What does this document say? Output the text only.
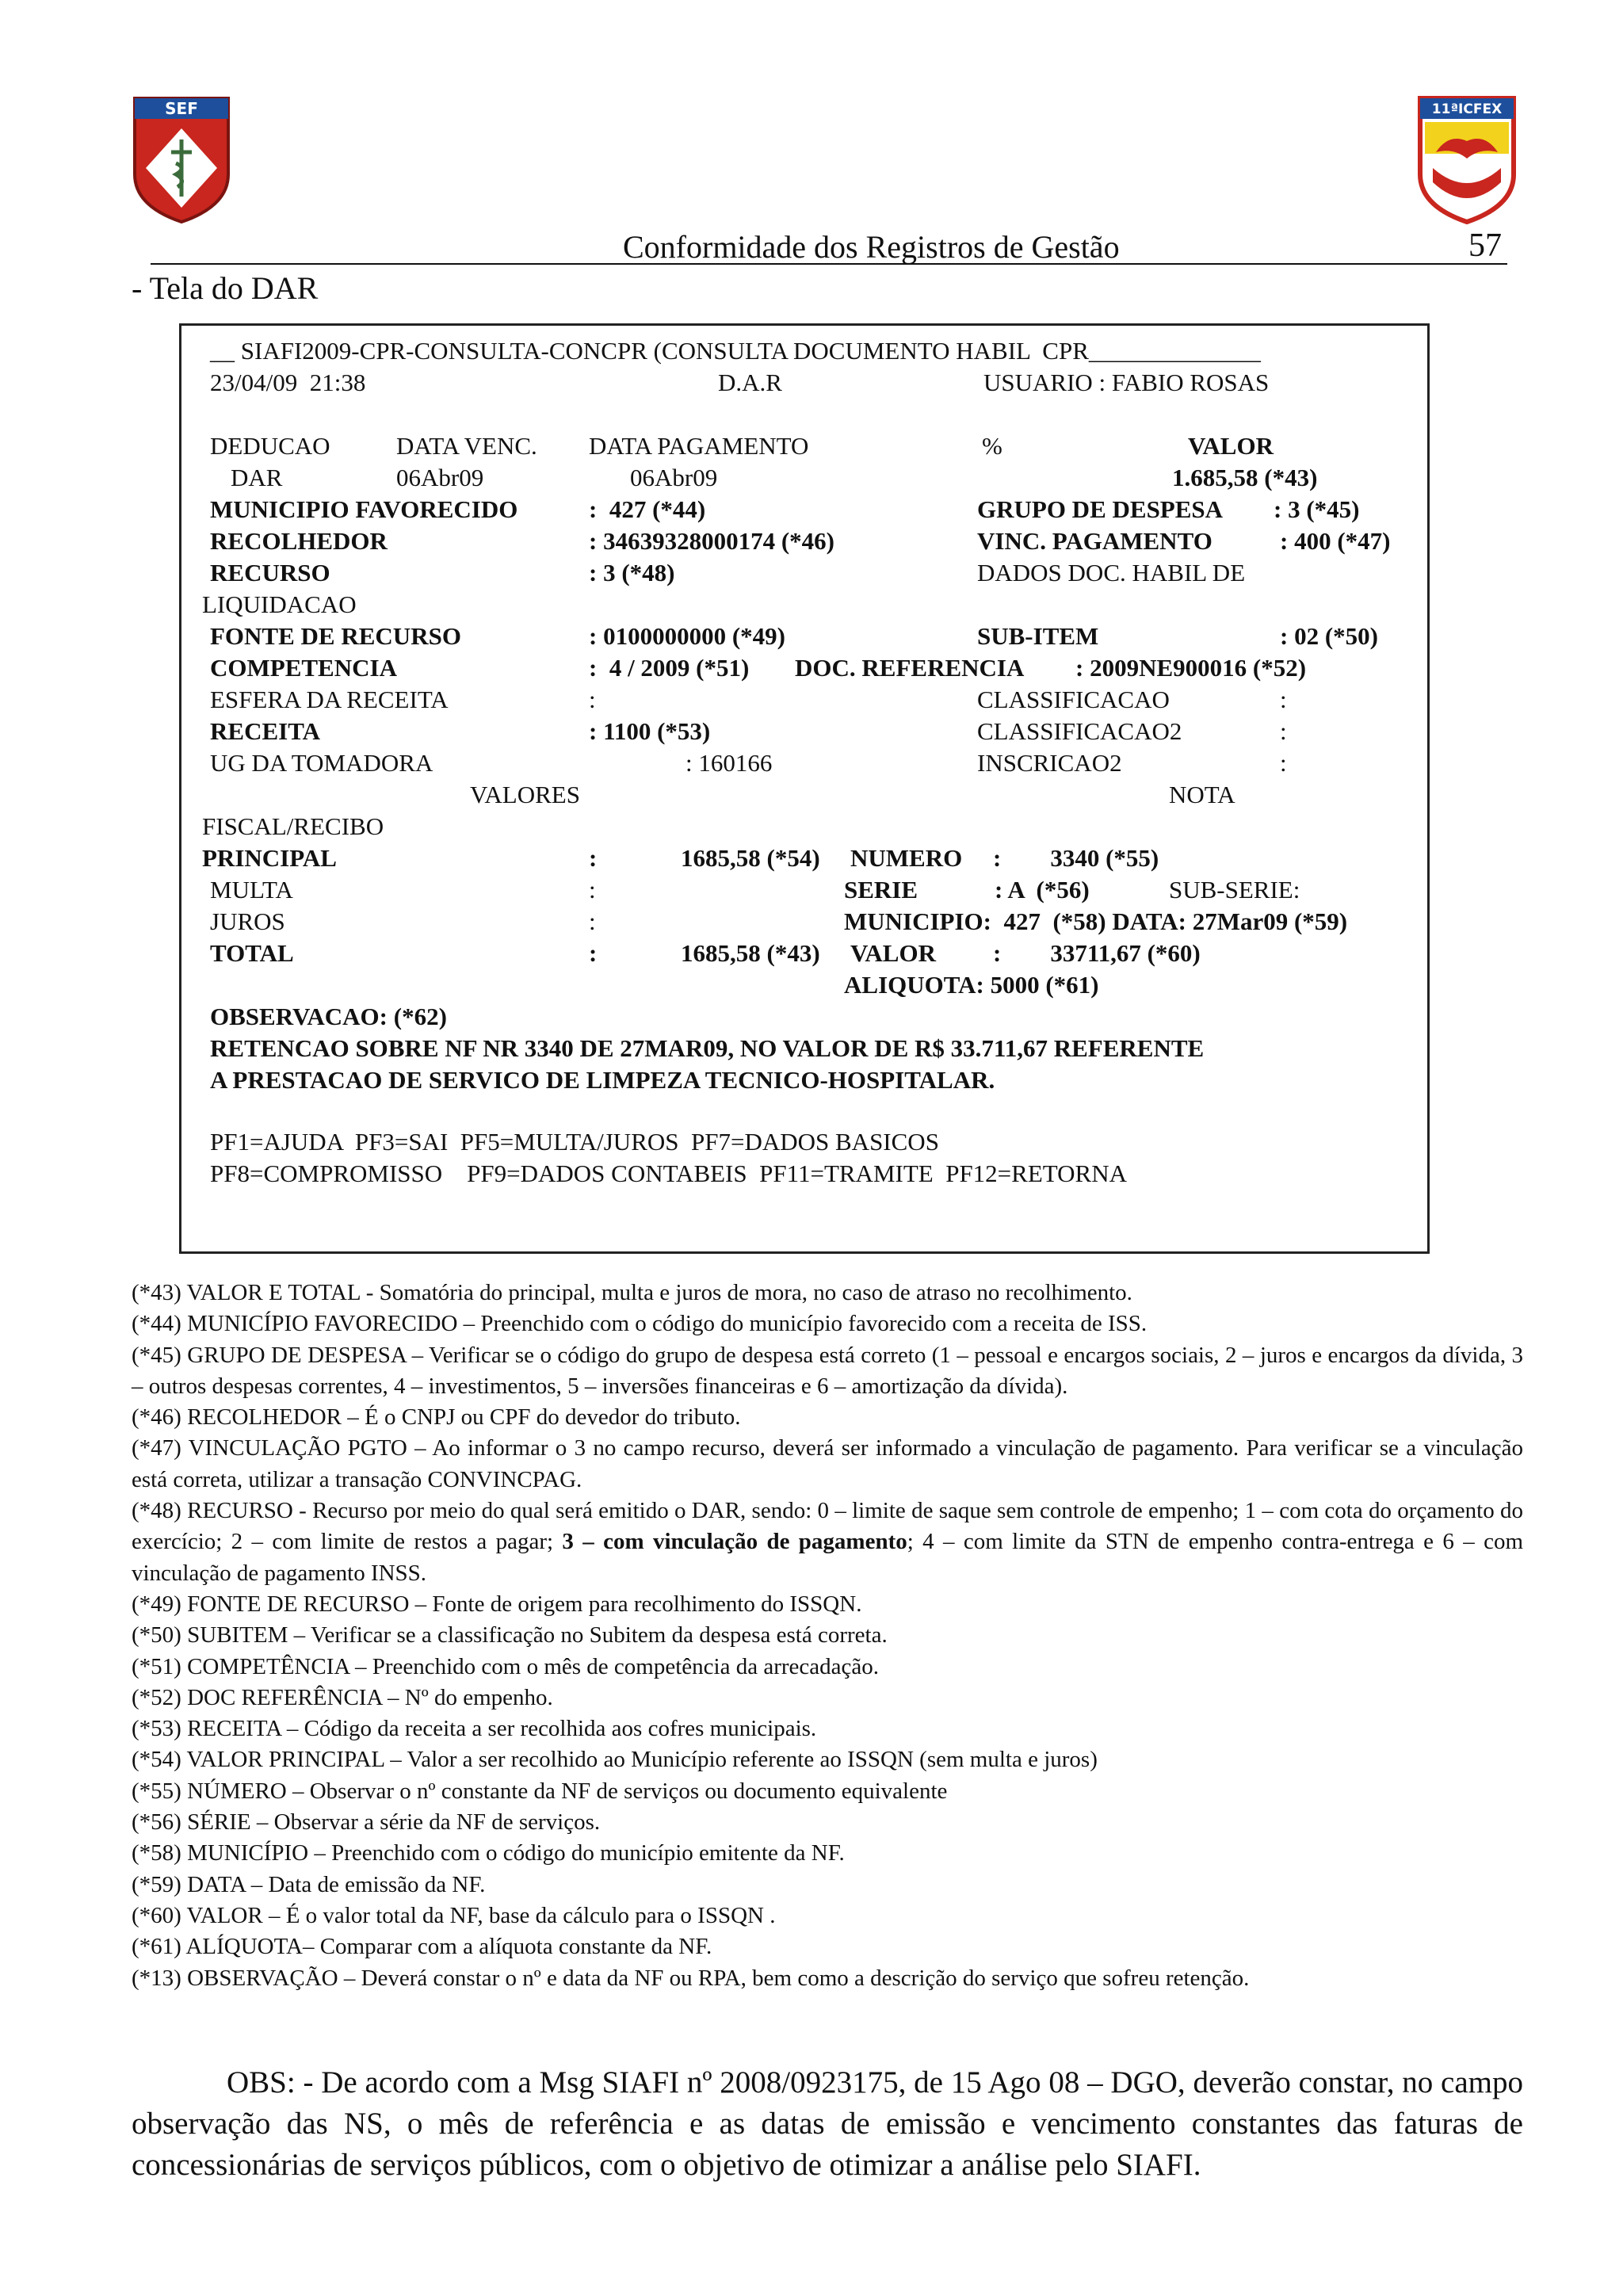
SEF	11ªICFEX
Conformidade dos Registros de Gestão	57
- Tela do DAR
__ SIAFI2009-CPR-CONSULTA-CONCPR (CONSULTA DOCUMENTO HABIL  CPR______________
23/04/09  21:38	D.A.R	USUARIO : FABIO ROSAS
DEDUCAO	DATA VENC. DATA PAGAMENTO	%	VALOR
DAR	06Abr09	06Abr09	1.685,58 (*43)
MUNICIPIO FAVORECIDO	:  427 (*44)	GRUPO DE DESPESA : 3 (*45)
RECOLHEDOR	: 34639328000174 (*46)	VINC. PAGAMENTO	: 400 (*47)
RECURSO	: 3 (*48)	DADOS DOC. HABIL DE
LIQUIDACAO
FONTE DE RECURSO	: 0100000000 (*49)	SUB-ITEM	: 02 (*50)
COMPETENCIA	:  4 / 2009 (*51) DOC. REFERENCIA : 2009NE900016 (*52)
ESFERA DA RECEITA	:	CLASSIFICACAO	:
RECEITA	: 1100 (*53)	CLASSIFICACAO2	:
UG DA TOMADORA	: 160166	INSCRICAO2	:
VALORES	NOTA
FISCAL/RECIBO
PRINCIPAL	:	1685,58 (*54) NUMERO :        3340 (*55)
MULTA	:	SERIE	: A  (*56)	SUB-SERIE:
JUROS	:	MUNICIPIO:  427  (*58) DATA: 27Mar09 (*59)
TOTAL	:	1685,58 (*43) VALOR :        33711,67 (*60)
ALIQUOTA: 5000 (*61)
OBSERVACAO: (*62)
RETENCAO SOBRE NF NR 3340 DE 27MAR09, NO VALOR DE R$ 33.711,67 REFERENTE
A PRESTACAO DE SERVICO DE LIMPEZA TECNICO-HOSPITALAR.
PF1=AJUDA  PF3=SAI  PF5=MULTA/JUROS  PF7=DADOS BASICOS
PF8=COMPROMISSO    PF9=DADOS CONTABEIS  PF11=TRAMITE  PF12=RETORNA

(*43) VALOR E TOTAL - Somatória do principal, multa e juros de mora, no caso de atraso no recolhimento.

(*44) MUNICÍPIO FAVORECIDO – Preenchido com o código do município favorecido com a receita de ISS.

(*45) GRUPO DE DESPESA – Verificar se o código do grupo de despesa está correto (1 – pessoal e encargos sociais, 2 – juros e encargos da dívida, 3 – outros despesas correntes, 4 – investimentos, 5 – inversões financeiras e 6 – amortização da dívida).

(*46) RECOLHEDOR – É o CNPJ ou CPF do devedor do tributo.

(*47) VINCULAÇÃO PGTO – Ao informar o 3 no campo recurso, deverá ser informado a vinculação de pagamento. Para verificar se a vinculação está correta, utilizar a transação CONVINCPAG.

(*48) RECURSO - Recurso por meio do qual será emitido o DAR, sendo: 0 – limite de saque sem controle de empenho; 1 – com cota do orçamento do exercício; 2 – com limite de restos a pagar; 3 – com vinculação de pagamento; 4 – com limite da STN de empenho contra-entrega e 6 – com vinculação de pagamento INSS.

(*49) FONTE DE RECURSO – Fonte de origem para recolhimento do ISSQN.

(*50) SUBITEM – Verificar se a classificação no Subitem da despesa está correta.

(*51) COMPETÊNCIA – Preenchido com o mês de competência da arrecadação.

(*52) DOC REFERÊNCIA – Nº do empenho.

(*53) RECEITA – Código da receita a ser recolhida aos cofres municipais.

(*54) VALOR PRINCIPAL – Valor a ser recolhido ao Município referente ao ISSQN (sem multa e juros)

(*55) NÚMERO – Observar o nº constante da NF de serviços ou documento equivalente

(*56) SÉRIE – Observar a série da NF de serviços.

(*58) MUNICÍPIO – Preenchido com o código do município emitente da NF.

(*59) DATA – Data de emissão da NF.

(*60) VALOR – É o valor total da NF, base da cálculo para o ISSQN .

(*61) ALÍQUOTA– Comparar com a alíquota constante da NF.

(*13) OBSERVAÇÃO – Deverá constar o nº e data da NF ou RPA, bem como a descrição do serviço que sofreu retenção.

OBS: - De acordo com a Msg SIAFI nº 2008/0923175, de 15 Ago 08 – DGO, deverão constar, no campo observação das NS, o mês de referência e as datas de emissão e vencimento constantes das faturas de concessionárias de serviços públicos, com o objetivo de otimizar a análise pelo SIAFI.
